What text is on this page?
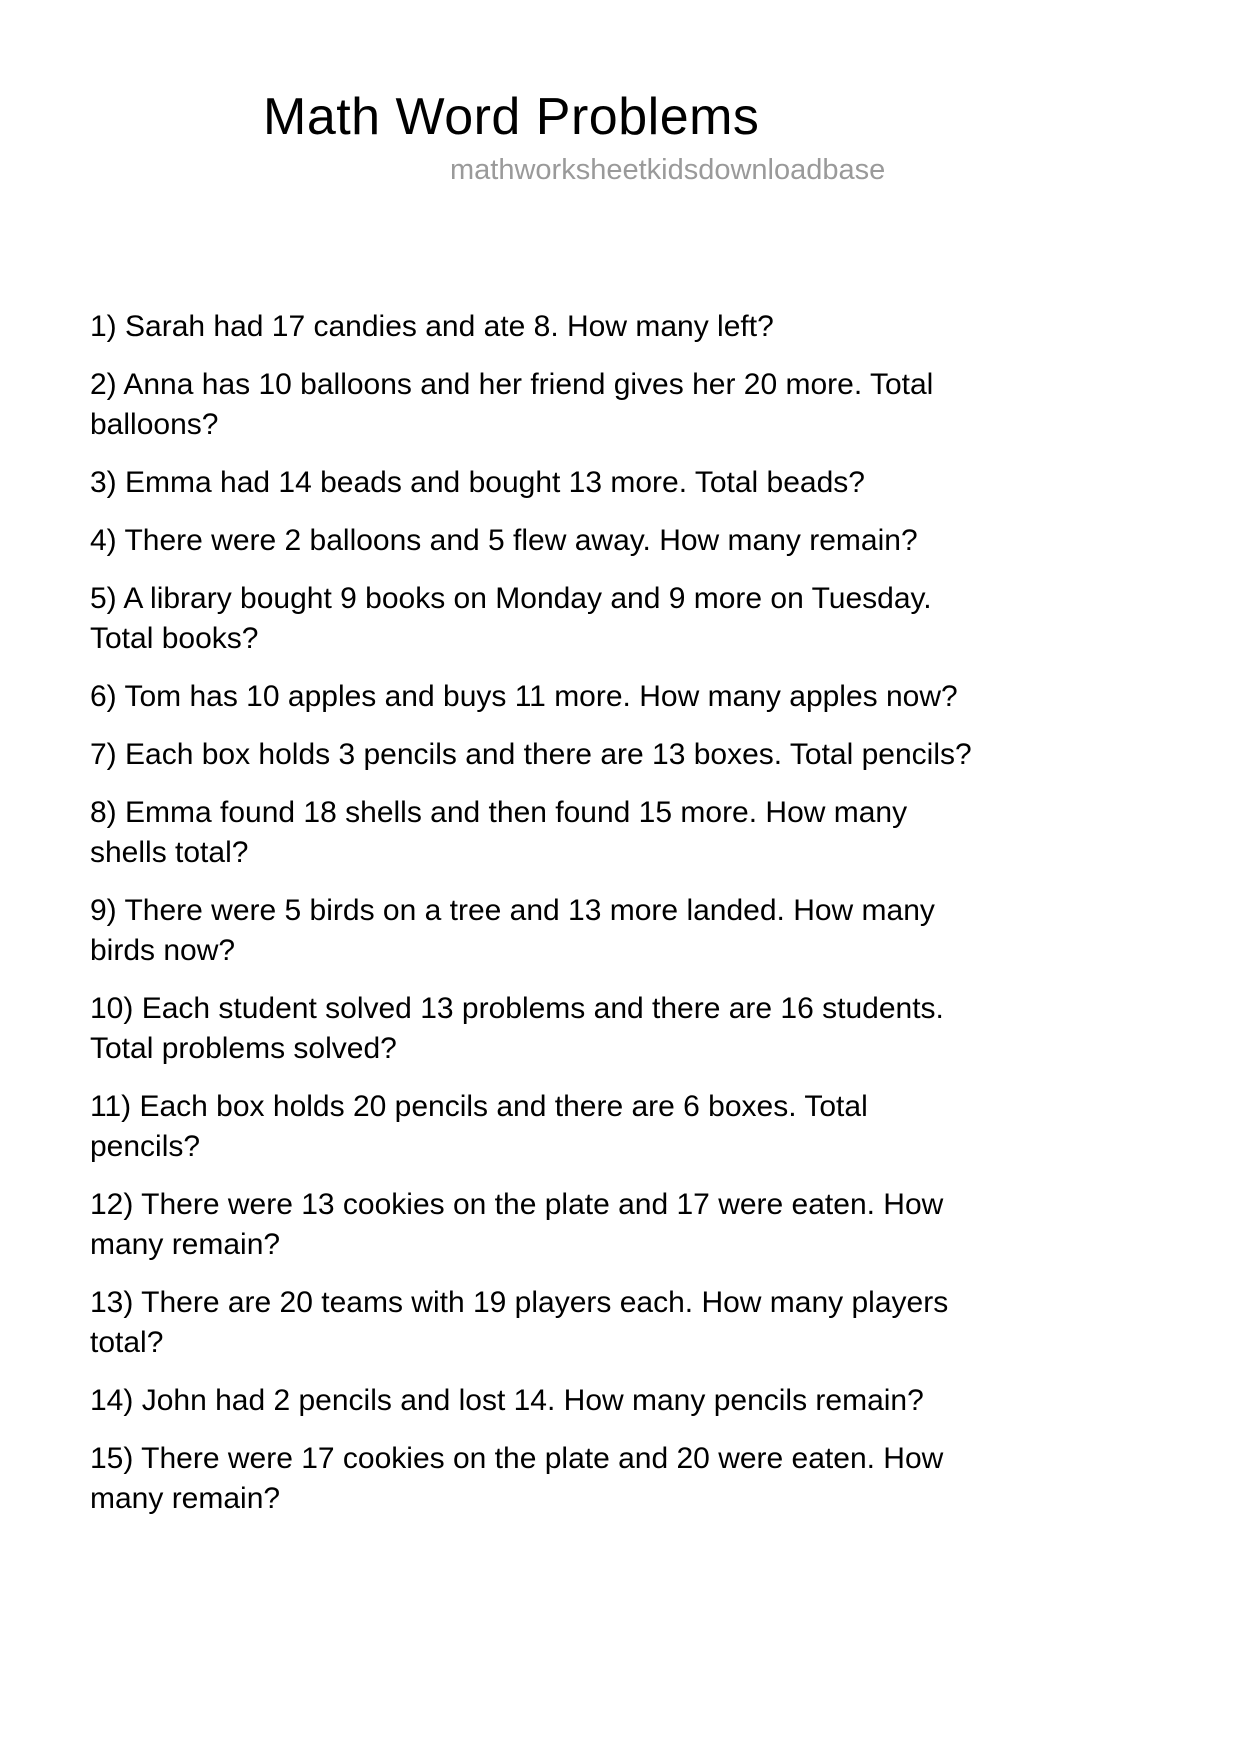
Math Word Problems
mathworksheetkidsdownloadbase

1) Sarah had 17 candies and ate 8. How many left?

2) Anna has 10 balloons and her friend gives her 20 more. Total
balloons?

3) Emma had 14 beads and bought 13 more. Total beads?

4) There were 2 balloons and 5 flew away. How many remain?

5) A library bought 9 books on Monday and 9 more on Tuesday.
Total books?

6) Tom has 10 apples and buys 11 more. How many apples now?

7) Each box holds 3 pencils and there are 13 boxes. Total pencils?

8) Emma found 18 shells and then found 15 more. How many
shells total?

9) There were 5 birds on a tree and 13 more landed. How many
birds now?

10) Each student solved 13 problems and there are 16 students.
Total problems solved?

11) Each box holds 20 pencils and there are 6 boxes. Total
pencils?

12) There were 13 cookies on the plate and 17 were eaten. How
many remain?

13) There are 20 teams with 19 players each. How many players
total?

14) John had 2 pencils and lost 14. How many pencils remain?

15) There were 17 cookies on the plate and 20 were eaten. How
many remain?
